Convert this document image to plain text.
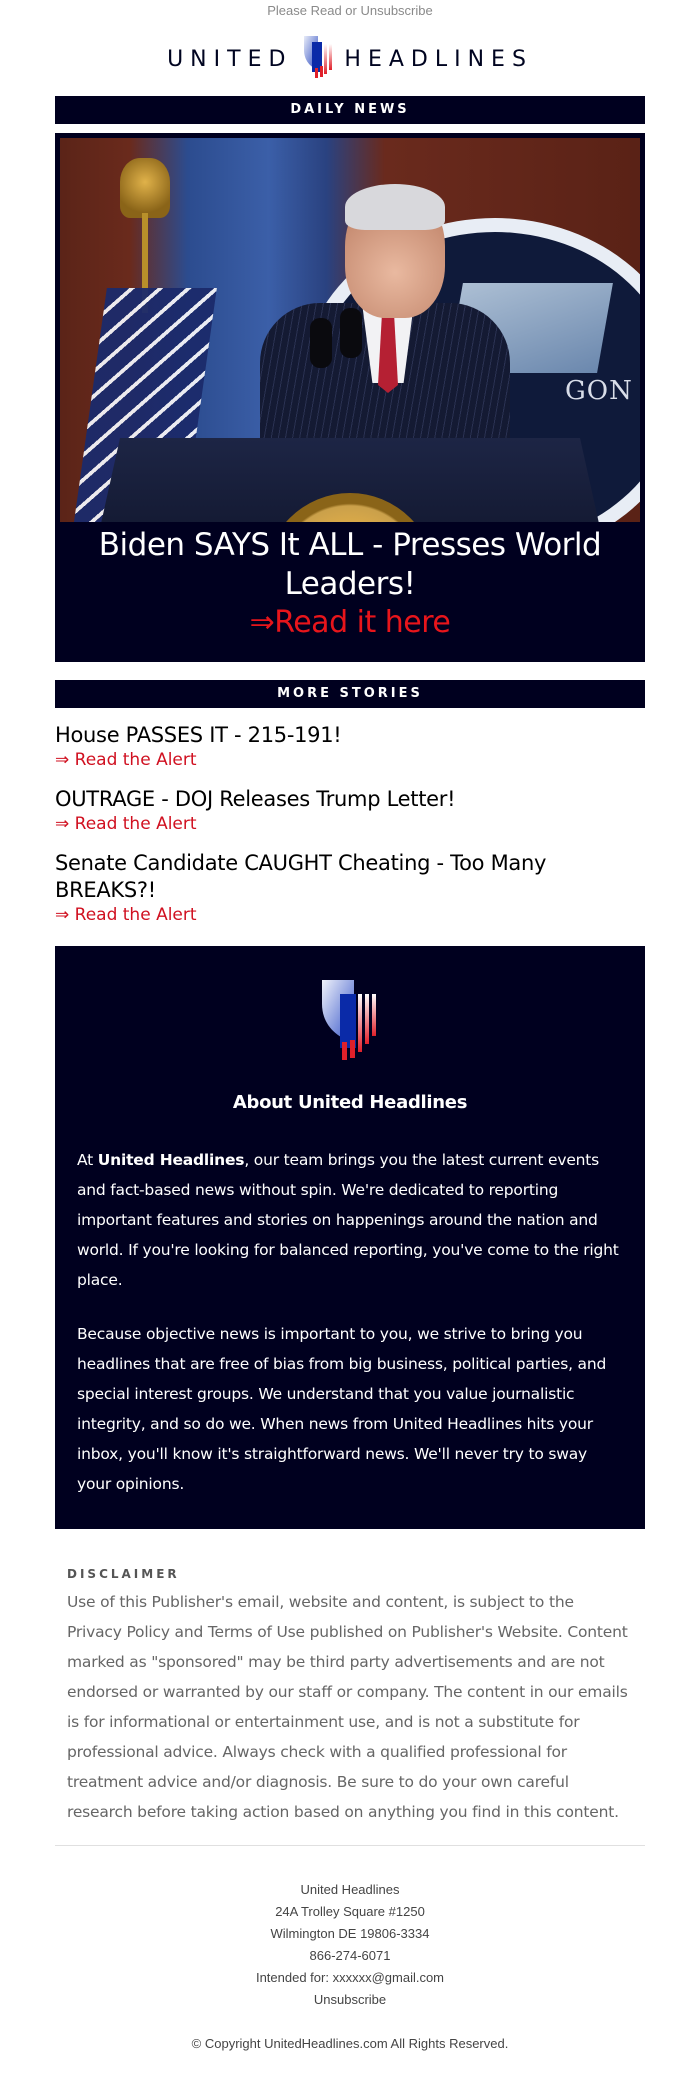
Please Read or Unsubscribe
UNITED HEADLINES
DAILY NEWS
GON
Biden SAYS It ALL - Presses World Leaders!
⇒Read it here
MORE STORIES
House PASSES IT - 215-191!
⇒ Read the Alert
OUTRAGE - DOJ Releases Trump Letter!
⇒ Read the Alert
Senate Candidate CAUGHT Cheating - Too Many BREAKS?!
⇒ Read the Alert
About United Headlines

At United Headlines, our team brings you the latest current events and fact-based news without spin. We're dedicated to reporting important features and stories on happenings around the nation and world. If you're looking for balanced reporting, you've come to the right place.

Because objective news is important to you, we strive to bring you headlines that are free of bias from big business, political parties, and special interest groups. We understand that you value journalistic integrity, and so do we. When news from United Headlines hits your inbox, you'll know it's straightforward news. We'll never try to sway your opinions.

DISCLAIMER
Use of this Publisher's email, website and content, is subject to the Privacy Policy and Terms of Use published on Publisher's Website. Content marked as "sponsored" may be third party advertisements and are not endorsed or warranted by our staff or company. The content in our emails is for informational or entertainment use, and is not a substitute for professional advice. Always check with a qualified professional for treatment advice and/or diagnosis. Be sure to do your own careful research before taking action based on anything you find in this content.
United Headlines
24A Trolley Square #1250
Wilmington DE 19806-3334
866-274-6071
Intended for: xxxxxx@gmail.com
Unsubscribe
© Copyright UnitedHeadlines.com All Rights Reserved.
